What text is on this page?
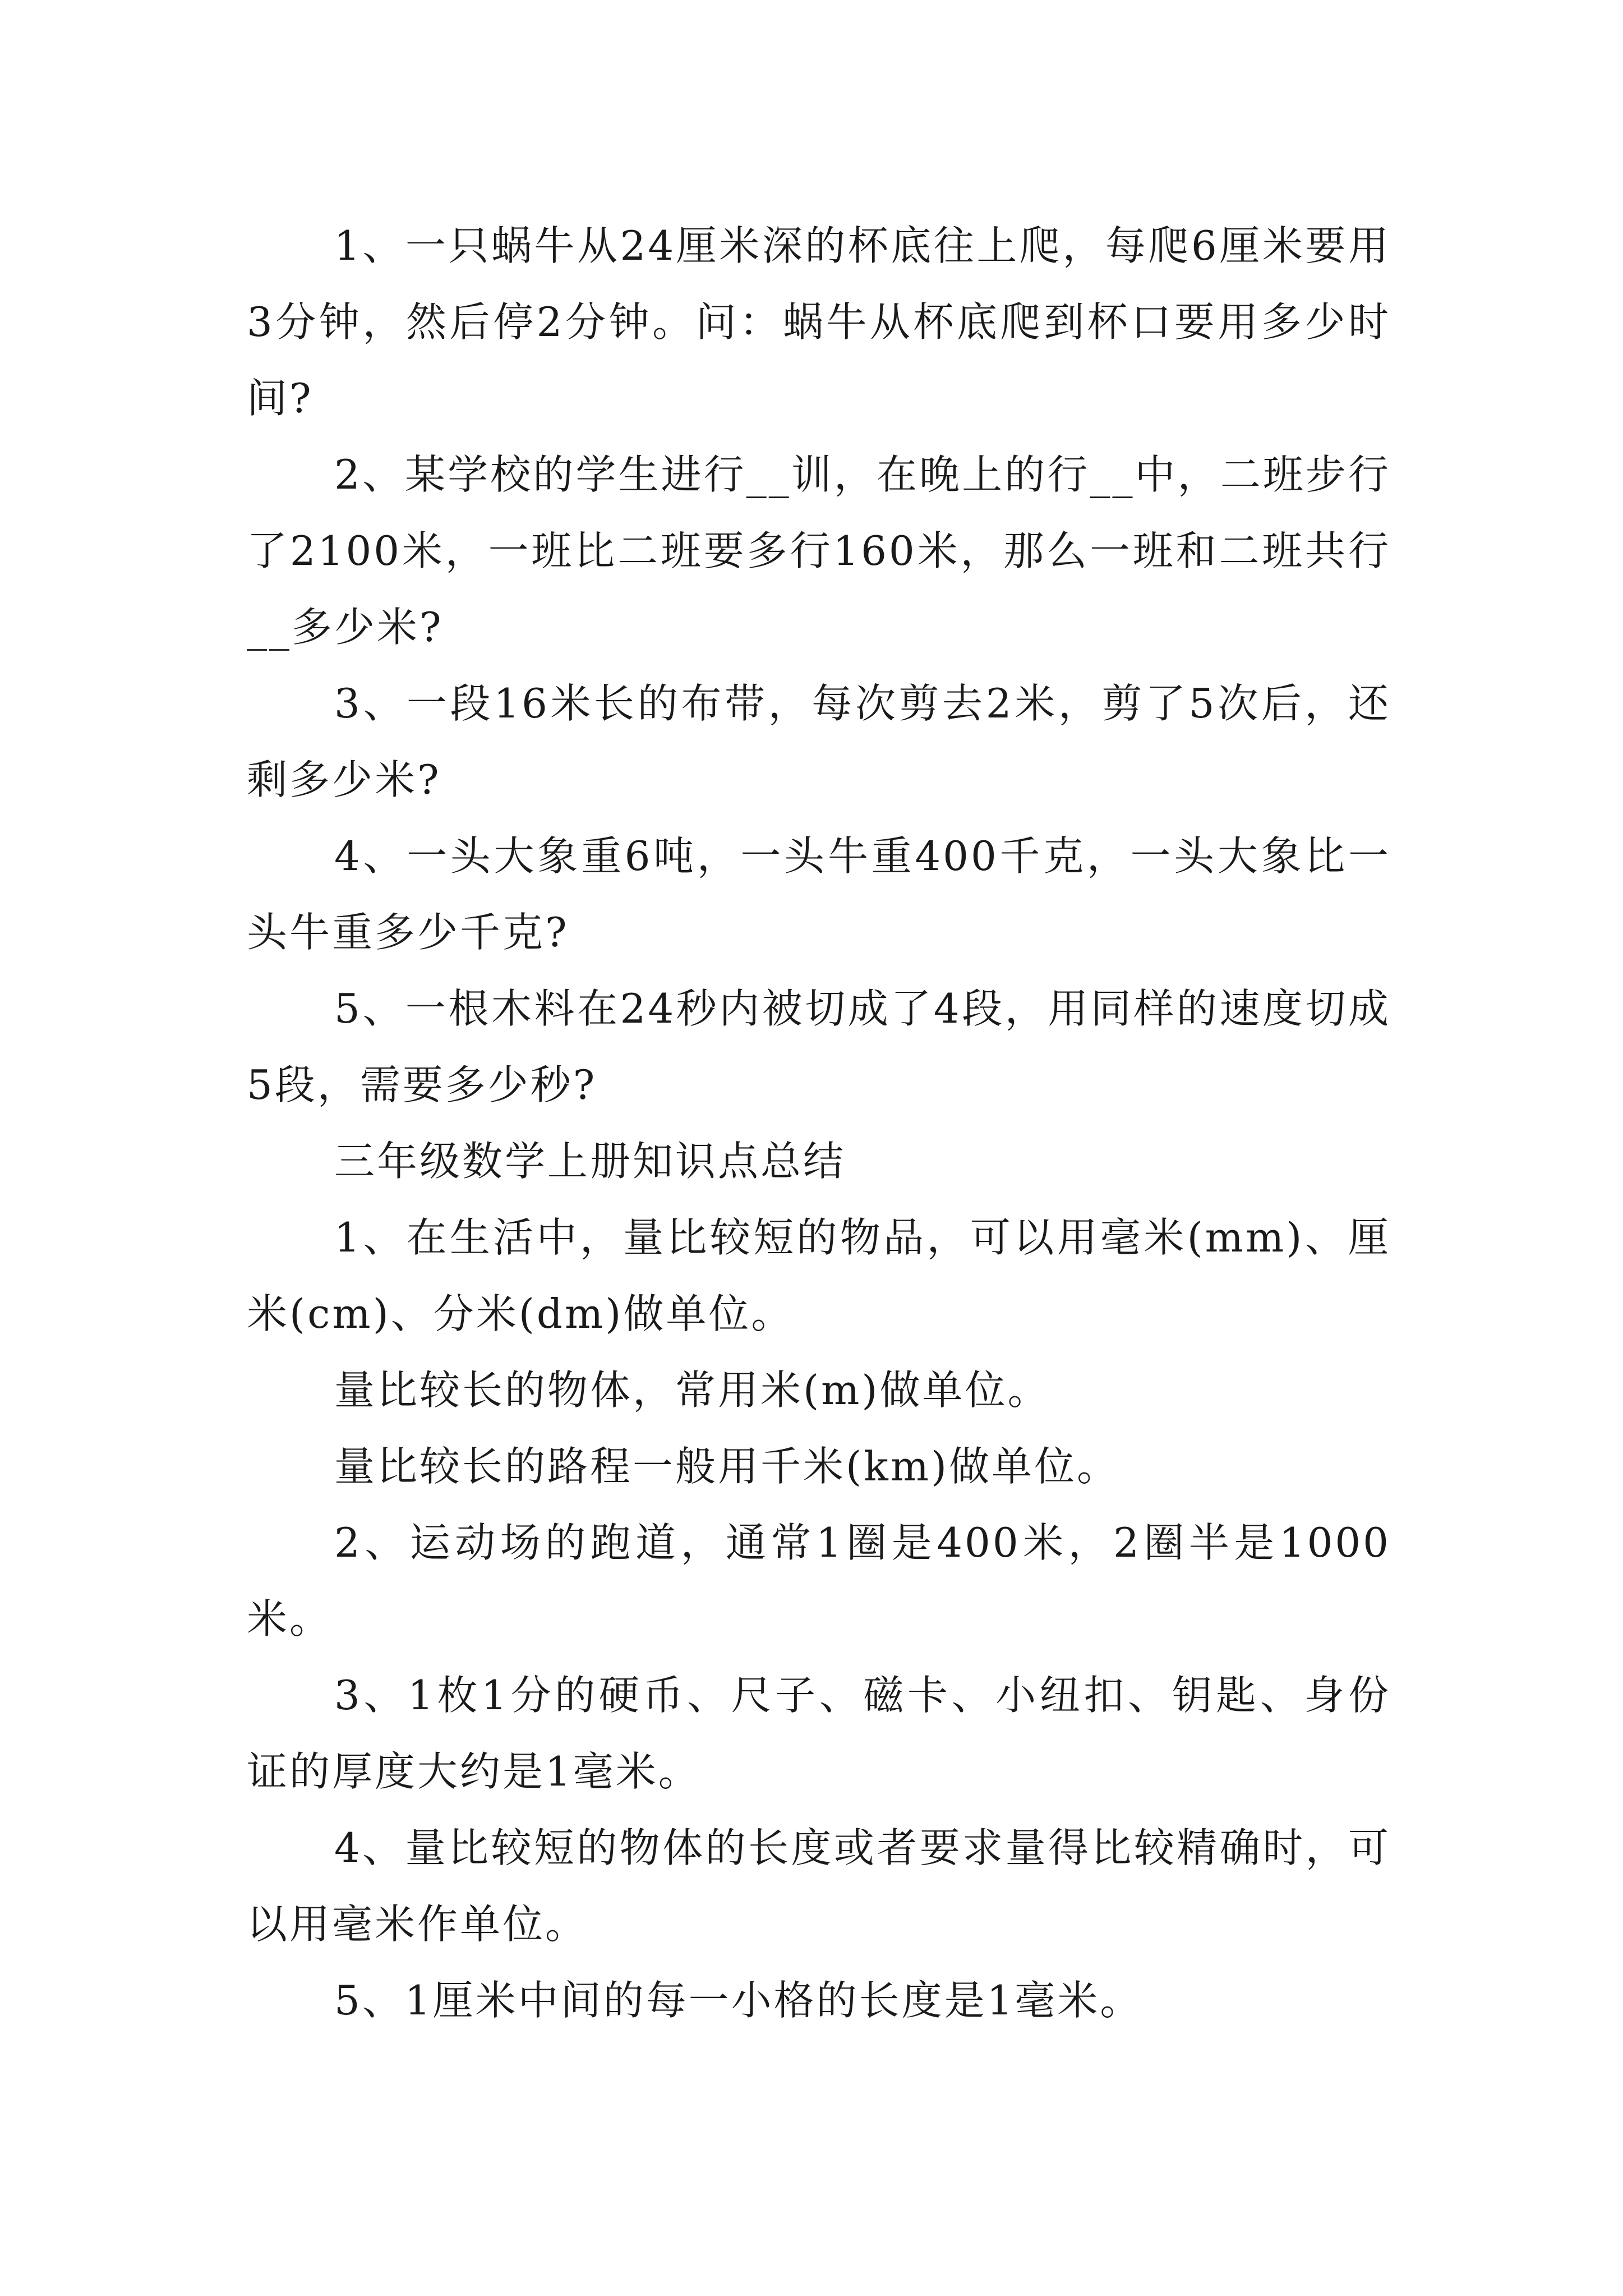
1、一只蜗牛从24厘米深的杯底往上爬，每爬6厘米要用3分钟，然后停2分钟。问：蜗牛从杯底爬到杯口要用多少时间?

2、某学校的学生进行__训，在晚上的行__中，二班步行了2100米，一班比二班要多行160米，那么一班和二班共行__多少米?

3、一段16米长的布带，每次剪去2米，剪了5次后，还剩多少米?

4、一头大象重6吨，一头牛重400千克，一头大象比一头牛重多少千克?

5、一根木料在24秒内被切成了4段，用同样的速度切成5段，需要多少秒?

三年级数学上册知识点总结

1、在生活中，量比较短的物品，可以用毫米(mm)、厘米(cm)、分米(dm)做单位。

量比较长的物体，常用米(m)做单位。

量比较长的路程一般用千米(km)做单位。

2、运动场的跑道，通常1圈是400米，2圈半是1000米。

3、1枚1分的硬币、尺子、磁卡、小纽扣、钥匙、身份证的厚度大约是1毫米。

4、量比较短的物体的长度或者要求量得比较精确时，可以用毫米作单位。

5、1厘米中间的每一小格的长度是1毫米。
